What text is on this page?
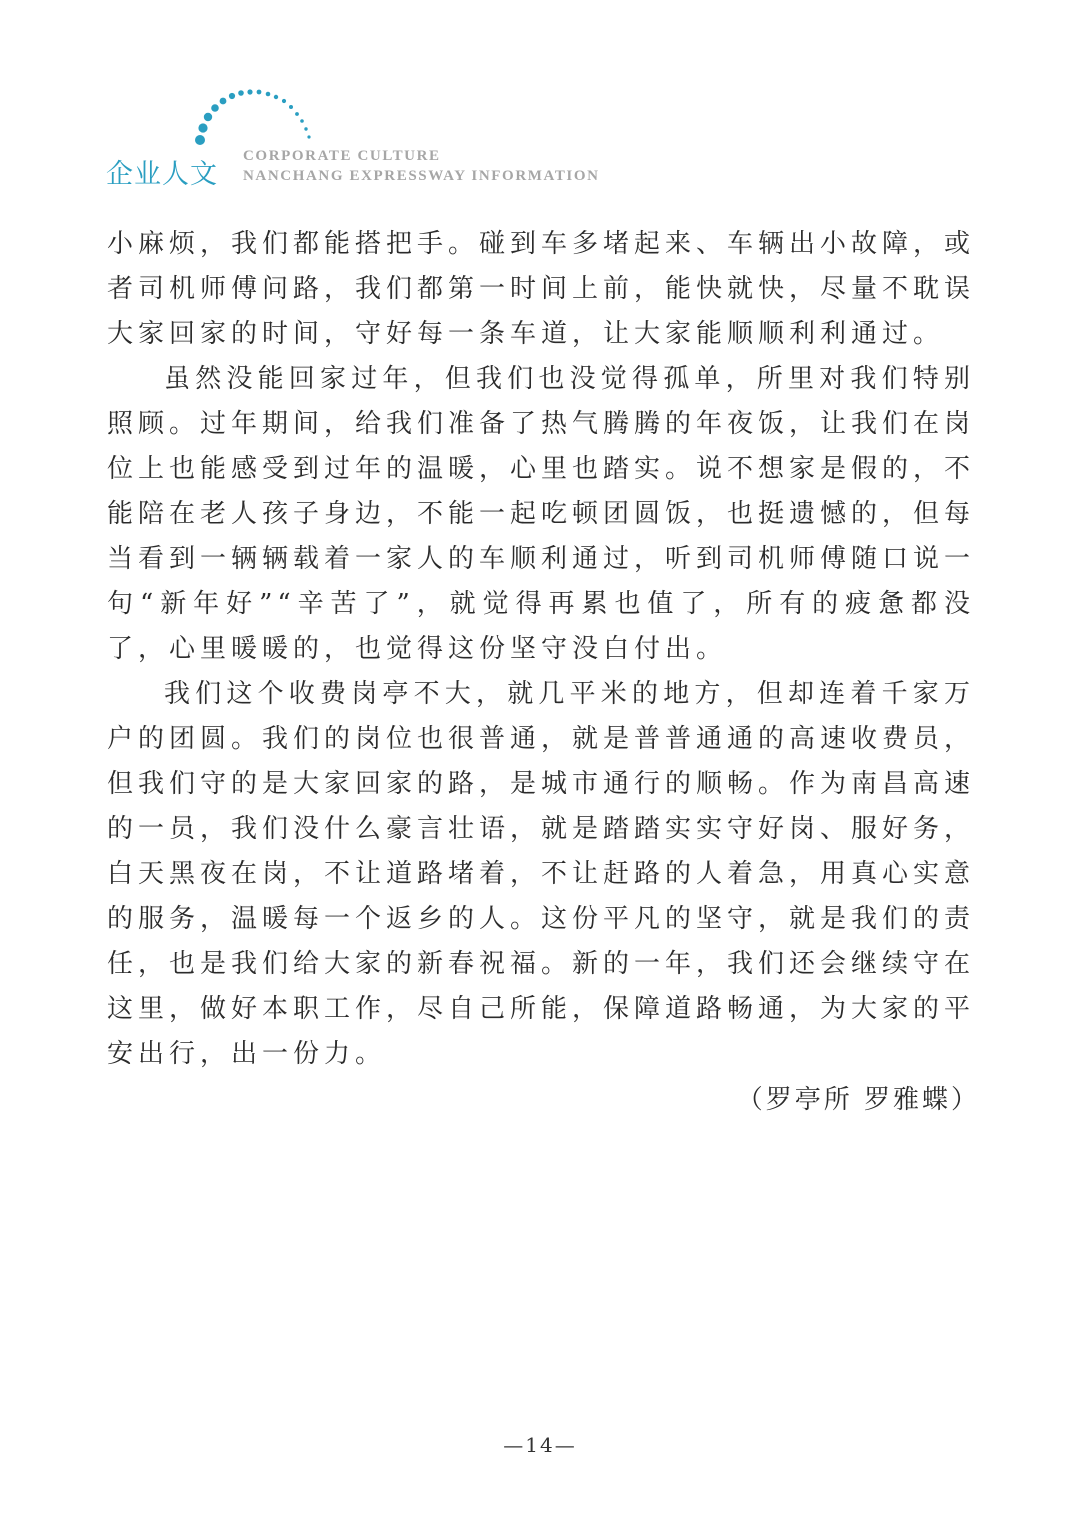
企业人文
CORPORATE CULTURE
NANCHANG EXPRESSWAY INFORMATION

小麻烦，我们都能搭把手。碰到车多堵起来、车辆出小故障，或者司机师傅问路，我们都第一时间上前，能快就快，尽量不耽误大家回家的时间，守好每一条车道，让大家能顺顺利利通过。

虽然没能回家过年，但我们也没觉得孤单，所里对我们特别照顾。过年期间，给我们准备了热气腾腾的年夜饭，让我们在岗位上也能感受到过年的温暖，心里也踏实。说不想家是假的，不能陪在老人孩子身边，不能一起吃顿团圆饭，也挺遗憾的，但每当看到一辆辆载着一家人的车顺利通过，听到司机师傅随口说一句“新年好”“辛苦了”，就觉得再累也值了，所有的疲惫都没了，心里暖暖的，也觉得这份坚守没白付出。

我们这个收费岗亭不大，就几平米的地方，但却连着千家万户的团圆。我们的岗位也很普通，就是普普通通的高速收费员，但我们守的是大家回家的路，是城市通行的顺畅。作为南昌高速的一员，我们没什么豪言壮语，就是踏踏实实守好岗、服好务，白天黑夜在岗，不让道路堵着，不让赶路的人着急，用真心实意的服务，温暖每一个返乡的人。这份平凡的坚守，就是我们的责任，也是我们给大家的新春祝福。新的一年，我们还会继续守在这里，做好本职工作，尽自己所能，保障道路畅通，为大家的平安出行，出一份力。

（罗亭所 罗雅蝶）
—14—
